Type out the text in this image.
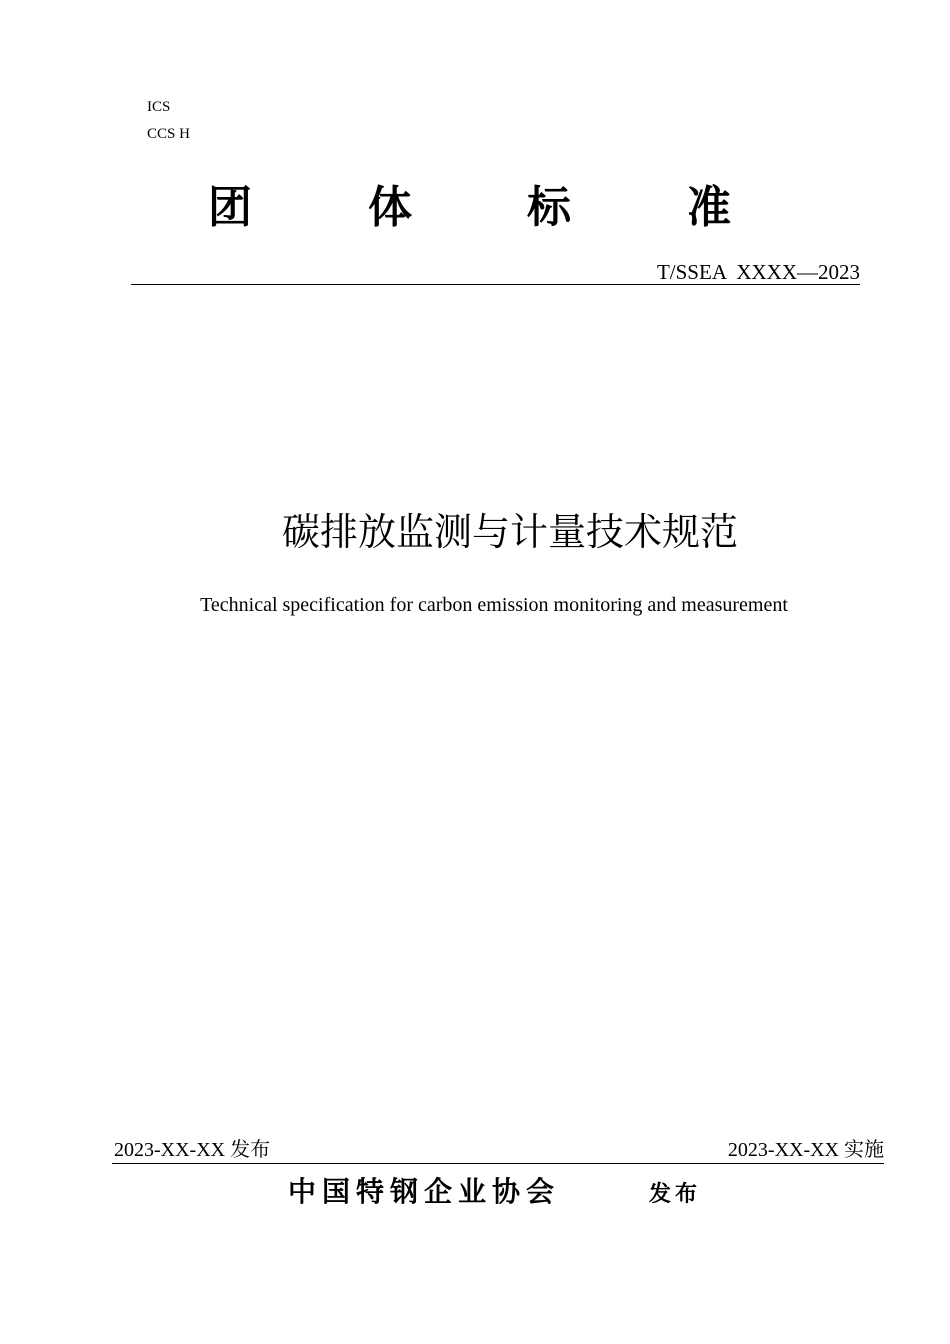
ICS
CCS H
团	体	标	准
T/SSEA  XXXX—2023
碳排放监测与计量技术规范
Technical specification for carbon emission monitoring and measurement
2023-XX-XX 发布	2023-XX-XX 实施
中国特钢企业协会	发布
